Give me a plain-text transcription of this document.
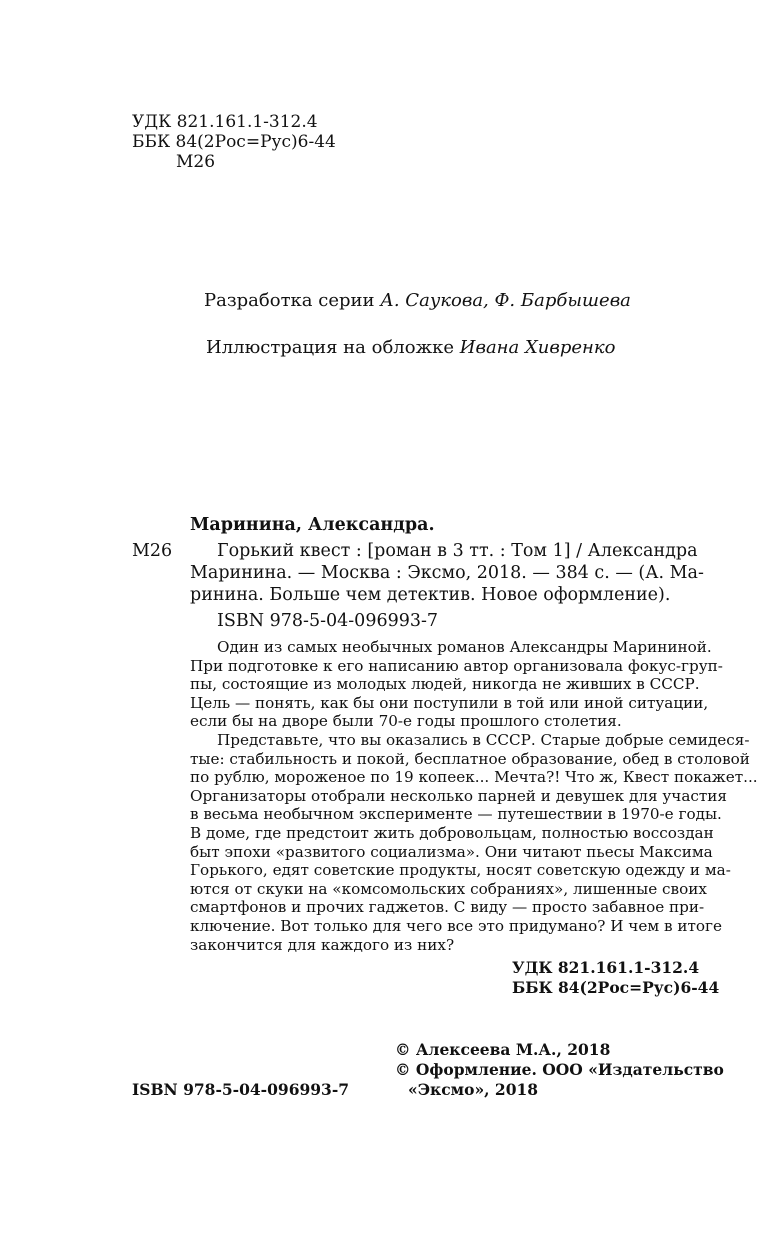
УДК 821.161.1-312.4
ББК 84(2Рос=Рус)6-44
М26
Разработка серии А. Саукова, Ф. Барбышева
Иллюстрация на обложке Ивана Хивренко
Маринина, Александра.
М26	Горький квест : [роман в 3 тт. : Том 1] / Александра
Маринина. — Москва : Эксмо, 2018. — 384 с. — (А. Ма-
ринина. Больше чем детектив. Новое оформление).
ISBN 978-5-04-096993-7
Один из самых необычных романов Александры Марининой.
При подготовке к его написанию автор организовала фокус-груп-
пы, состоящие из молодых людей, никогда не живших в СССР.
Цель — понять, как бы они поступили в той или иной ситуации,
если бы на дворе были 70-е годы прошлого столетия.
Представьте, что вы оказались в СССР. Старые добрые семидеся-
тые: стабильность и покой, бесплатное образование, обед в столовой
по рублю, мороженое по 19 копеек... Мечта?! Что ж, Квест покажет...
Организаторы отобрали несколько парней и девушек для участия
в весьма необычном эксперименте — путешествии в 1970-е годы.
В доме, где предстоит жить добровольцам, полностью воссоздан
быт эпохи «развитого социализма». Они читают пьесы Максима
Горького, едят советские продукты, носят советскую одежду и ма-
ются от скуки на «комсомольских собраниях», лишенные своих
смартфонов и прочих гаджетов. С виду — просто забавное при-
ключение. Вот только для чего все это придумано? И чем в итоге
закончится для каждого из них?
УДК 821.161.1-312.4
ББК 84(2Рос=Рус)6-44
© Алексеева М.А., 2018
© Оформление. ООО «Издательство
ISBN 978-5-04-096993-7	«Эксмо», 2018
